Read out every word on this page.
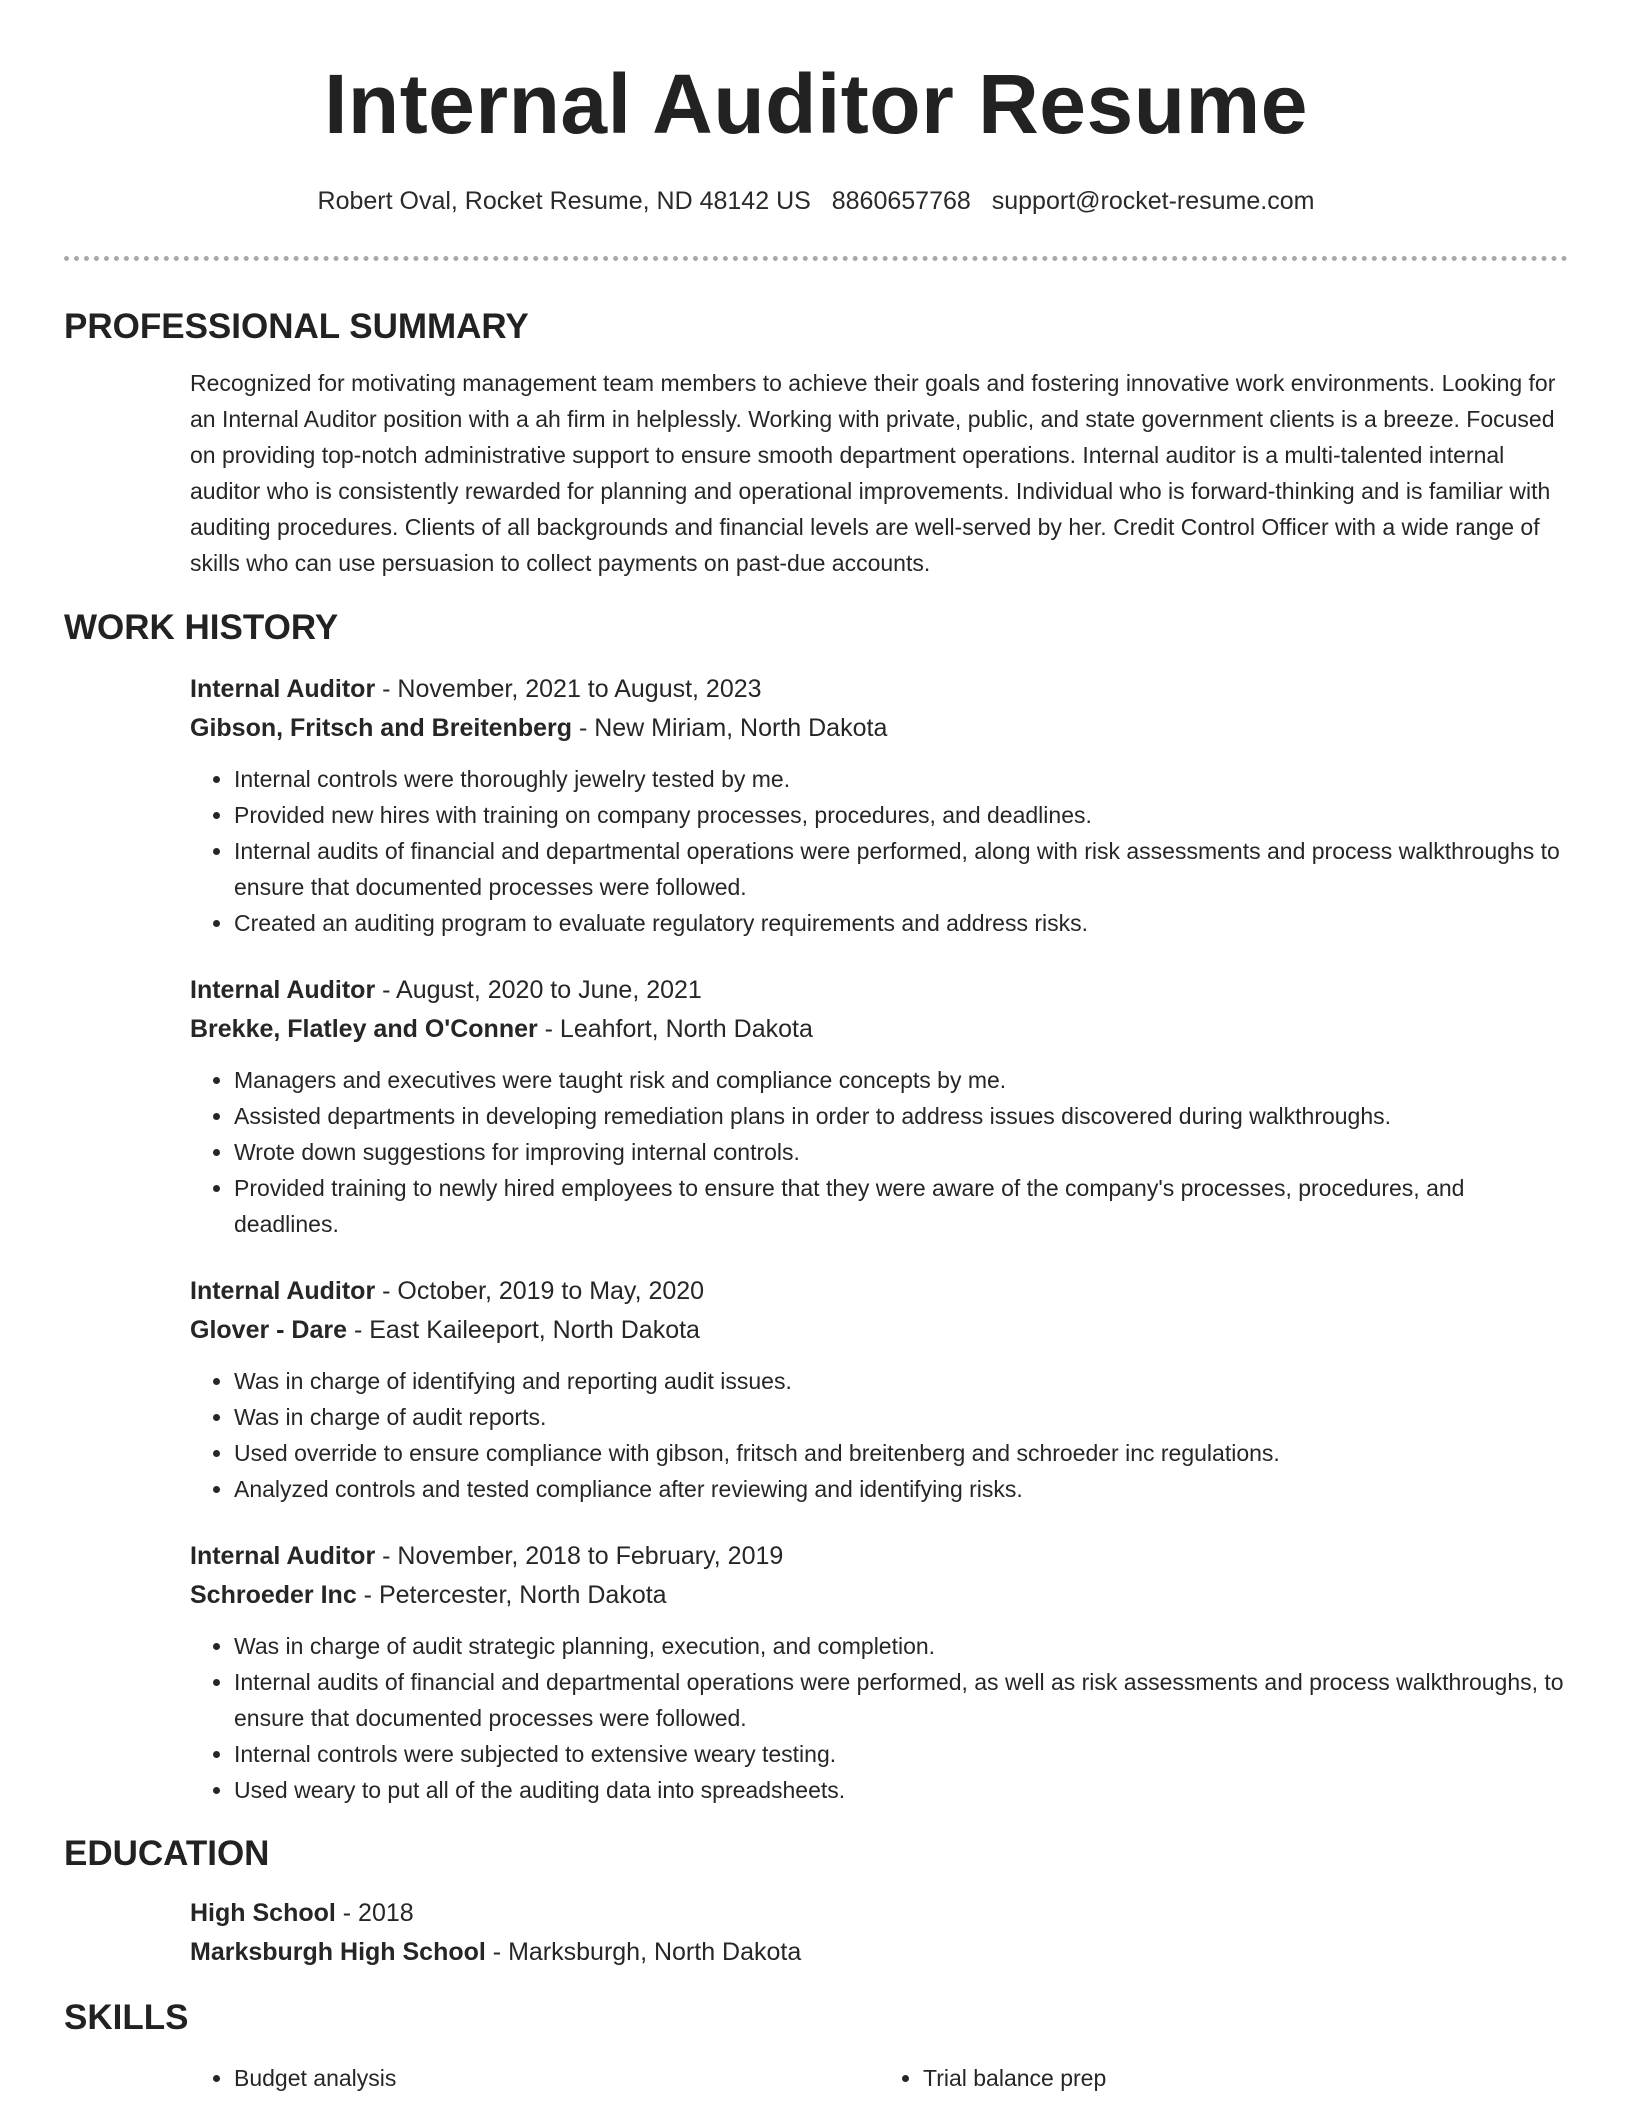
Internal Auditor Resume
Robert Oval, Rocket Resume, ND 48142 US 8860657768 support@rocket-resume.com
PROFESSIONAL SUMMARY

Recognized for motivating management team members to achieve their goals and fostering innovative work environments. Looking for an Internal Auditor position with a ah firm in helplessly. Working with private, public, and state government clients is a breeze. Focused on providing top-notch administrative support to ensure smooth department operations. Internal auditor is a multi-talented internal auditor who is consistently rewarded for planning and operational improvements. Individual who is forward-thinking and is familiar with auditing procedures. Clients of all backgrounds and financial levels are well-served by her. Credit Control Officer with a wide range of skills who can use persuasion to collect payments on past-due accounts.

WORK HISTORY
Internal Auditor - November, 2021 to August, 2023
Gibson, Fritsch and Breitenberg - New Miriam, North Dakota
• Internal controls were thoroughly jewelry tested by me.
• Provided new hires with training on company processes, procedures, and deadlines.
• Internal audits of financial and departmental operations were performed, along with risk assessments and process walkthroughs to ensure that documented processes were followed.
• Created an auditing program to evaluate regulatory requirements and address risks.
Internal Auditor - August, 2020 to June, 2021
Brekke, Flatley and O'Conner - Leahfort, North Dakota
• Managers and executives were taught risk and compliance concepts by me.
• Assisted departments in developing remediation plans in order to address issues discovered during walkthroughs.
• Wrote down suggestions for improving internal controls.
• Provided training to newly hired employees to ensure that they were aware of the company's processes, procedures, and deadlines.
Internal Auditor - October, 2019 to May, 2020
Glover - Dare - East Kaileeport, North Dakota
• Was in charge of identifying and reporting audit issues.
• Was in charge of audit reports.
• Used override to ensure compliance with gibson, fritsch and breitenberg and schroeder inc regulations.
• Analyzed controls and tested compliance after reviewing and identifying risks.
Internal Auditor - November, 2018 to February, 2019
Schroeder Inc - Petercester, North Dakota
• Was in charge of audit strategic planning, execution, and completion.
• Internal audits of financial and departmental operations were performed, as well as risk assessments and process walkthroughs, to ensure that documented processes were followed.
• Internal controls were subjected to extensive weary testing.
• Used weary to put all of the auditing data into spreadsheets.
EDUCATION
High School - 2018
Marksburgh High School - Marksburgh, North Dakota
SKILLS
• Budget analysis
•	Trial balance prep
